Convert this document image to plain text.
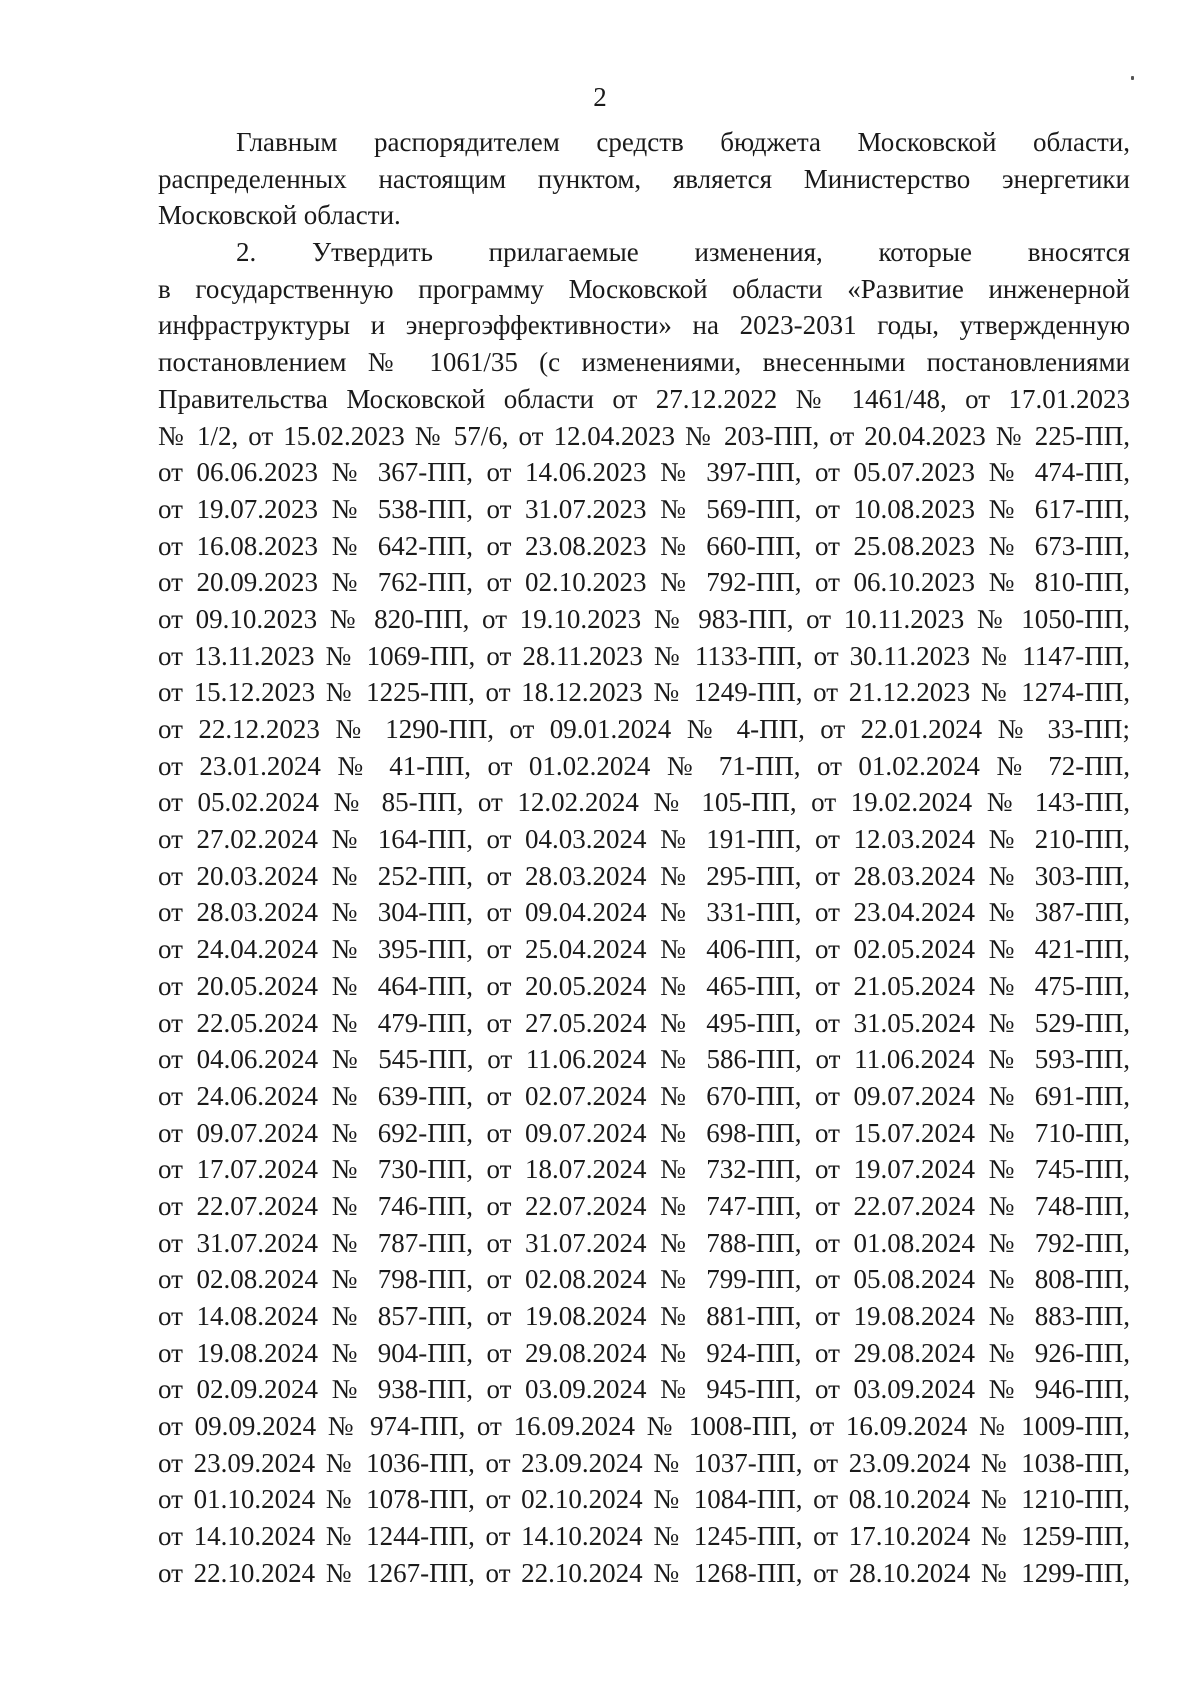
2
Главным распорядителем средств бюджета Московской области,
распределенных настоящим пунктом, является Министерство энергетики
Московской области.
2. Утвердить прилагаемые изменения, которые вносятся
в государственную программу Московской области «Развитие инженерной
инфраструктуры и энергоэффективности» на 2023-2031 годы, утвержденную
постановлением № 1061/35 (с изменениями, внесенными постановлениями
Правительства Московской области от 27.12.2022 № 1461/48, от 17.01.2023
№ 1/2, от 15.02.2023 № 57/6, от 12.04.2023 № 203-ПП, от 20.04.2023 № 225-ПП,
от 06.06.2023 № 367-ПП, от 14.06.2023 № 397-ПП, от 05.07.2023 № 474-ПП,
от 19.07.2023 № 538-ПП, от 31.07.2023 № 569-ПП, от 10.08.2023 № 617-ПП,
от 16.08.2023 № 642-ПП, от 23.08.2023 № 660-ПП, от 25.08.2023 № 673-ПП,
от 20.09.2023 № 762-ПП, от 02.10.2023 № 792-ПП, от 06.10.2023 № 810-ПП,
от 09.10.2023 № 820-ПП, от 19.10.2023 № 983-ПП, от 10.11.2023 № 1050-ПП,
от 13.11.2023 № 1069-ПП, от 28.11.2023 № 1133-ПП, от 30.11.2023 № 1147-ПП,
от 15.12.2023 № 1225-ПП, от 18.12.2023 № 1249-ПП, от 21.12.2023 № 1274-ПП,
от 22.12.2023 № 1290-ПП, от 09.01.2024 № 4-ПП, от 22.01.2024 № 33-ПП;
от 23.01.2024 № 41-ПП, от 01.02.2024 № 71-ПП, от 01.02.2024 № 72-ПП,
от 05.02.2024 № 85-ПП, от 12.02.2024 № 105-ПП, от 19.02.2024 № 143-ПП,
от 27.02.2024 № 164-ПП, от 04.03.2024 № 191-ПП, от 12.03.2024 № 210-ПП,
от 20.03.2024 № 252-ПП, от 28.03.2024 № 295-ПП, от 28.03.2024 № 303-ПП,
от 28.03.2024 № 304-ПП, от 09.04.2024 № 331-ПП, от 23.04.2024 № 387-ПП,
от 24.04.2024 № 395-ПП, от 25.04.2024 № 406-ПП, от 02.05.2024 № 421-ПП,
от 20.05.2024 № 464-ПП, от 20.05.2024 № 465-ПП, от 21.05.2024 № 475-ПП,
от 22.05.2024 № 479-ПП, от 27.05.2024 № 495-ПП, от 31.05.2024 № 529-ПП,
от 04.06.2024 № 545-ПП, от 11.06.2024 № 586-ПП, от 11.06.2024 № 593-ПП,
от 24.06.2024 № 639-ПП, от 02.07.2024 № 670-ПП, от 09.07.2024 № 691-ПП,
от 09.07.2024 № 692-ПП, от 09.07.2024 № 698-ПП, от 15.07.2024 № 710-ПП,
от 17.07.2024 № 730-ПП, от 18.07.2024 № 732-ПП, от 19.07.2024 № 745-ПП,
от 22.07.2024 № 746-ПП, от 22.07.2024 № 747-ПП, от 22.07.2024 № 748-ПП,
от 31.07.2024 № 787-ПП, от 31.07.2024 № 788-ПП, от 01.08.2024 № 792-ПП,
от 02.08.2024 № 798-ПП, от 02.08.2024 № 799-ПП, от 05.08.2024 № 808-ПП,
от 14.08.2024 № 857-ПП, от 19.08.2024 № 881-ПП, от 19.08.2024 № 883-ПП,
от 19.08.2024 № 904-ПП, от 29.08.2024 № 924-ПП, от 29.08.2024 № 926-ПП,
от 02.09.2024 № 938-ПП, от 03.09.2024 № 945-ПП, от 03.09.2024 № 946-ПП,
от 09.09.2024 № 974-ПП, от 16.09.2024 № 1008-ПП, от 16.09.2024 № 1009-ПП,
от 23.09.2024 № 1036-ПП, от 23.09.2024 № 1037-ПП, от 23.09.2024 № 1038-ПП,
от 01.10.2024 № 1078-ПП, от 02.10.2024 № 1084-ПП, от 08.10.2024 № 1210-ПП,
от 14.10.2024 № 1244-ПП, от 14.10.2024 № 1245-ПП, от 17.10.2024 № 1259-ПП,
от 22.10.2024 № 1267-ПП, от 22.10.2024 № 1268-ПП, от 28.10.2024 № 1299-ПП,
